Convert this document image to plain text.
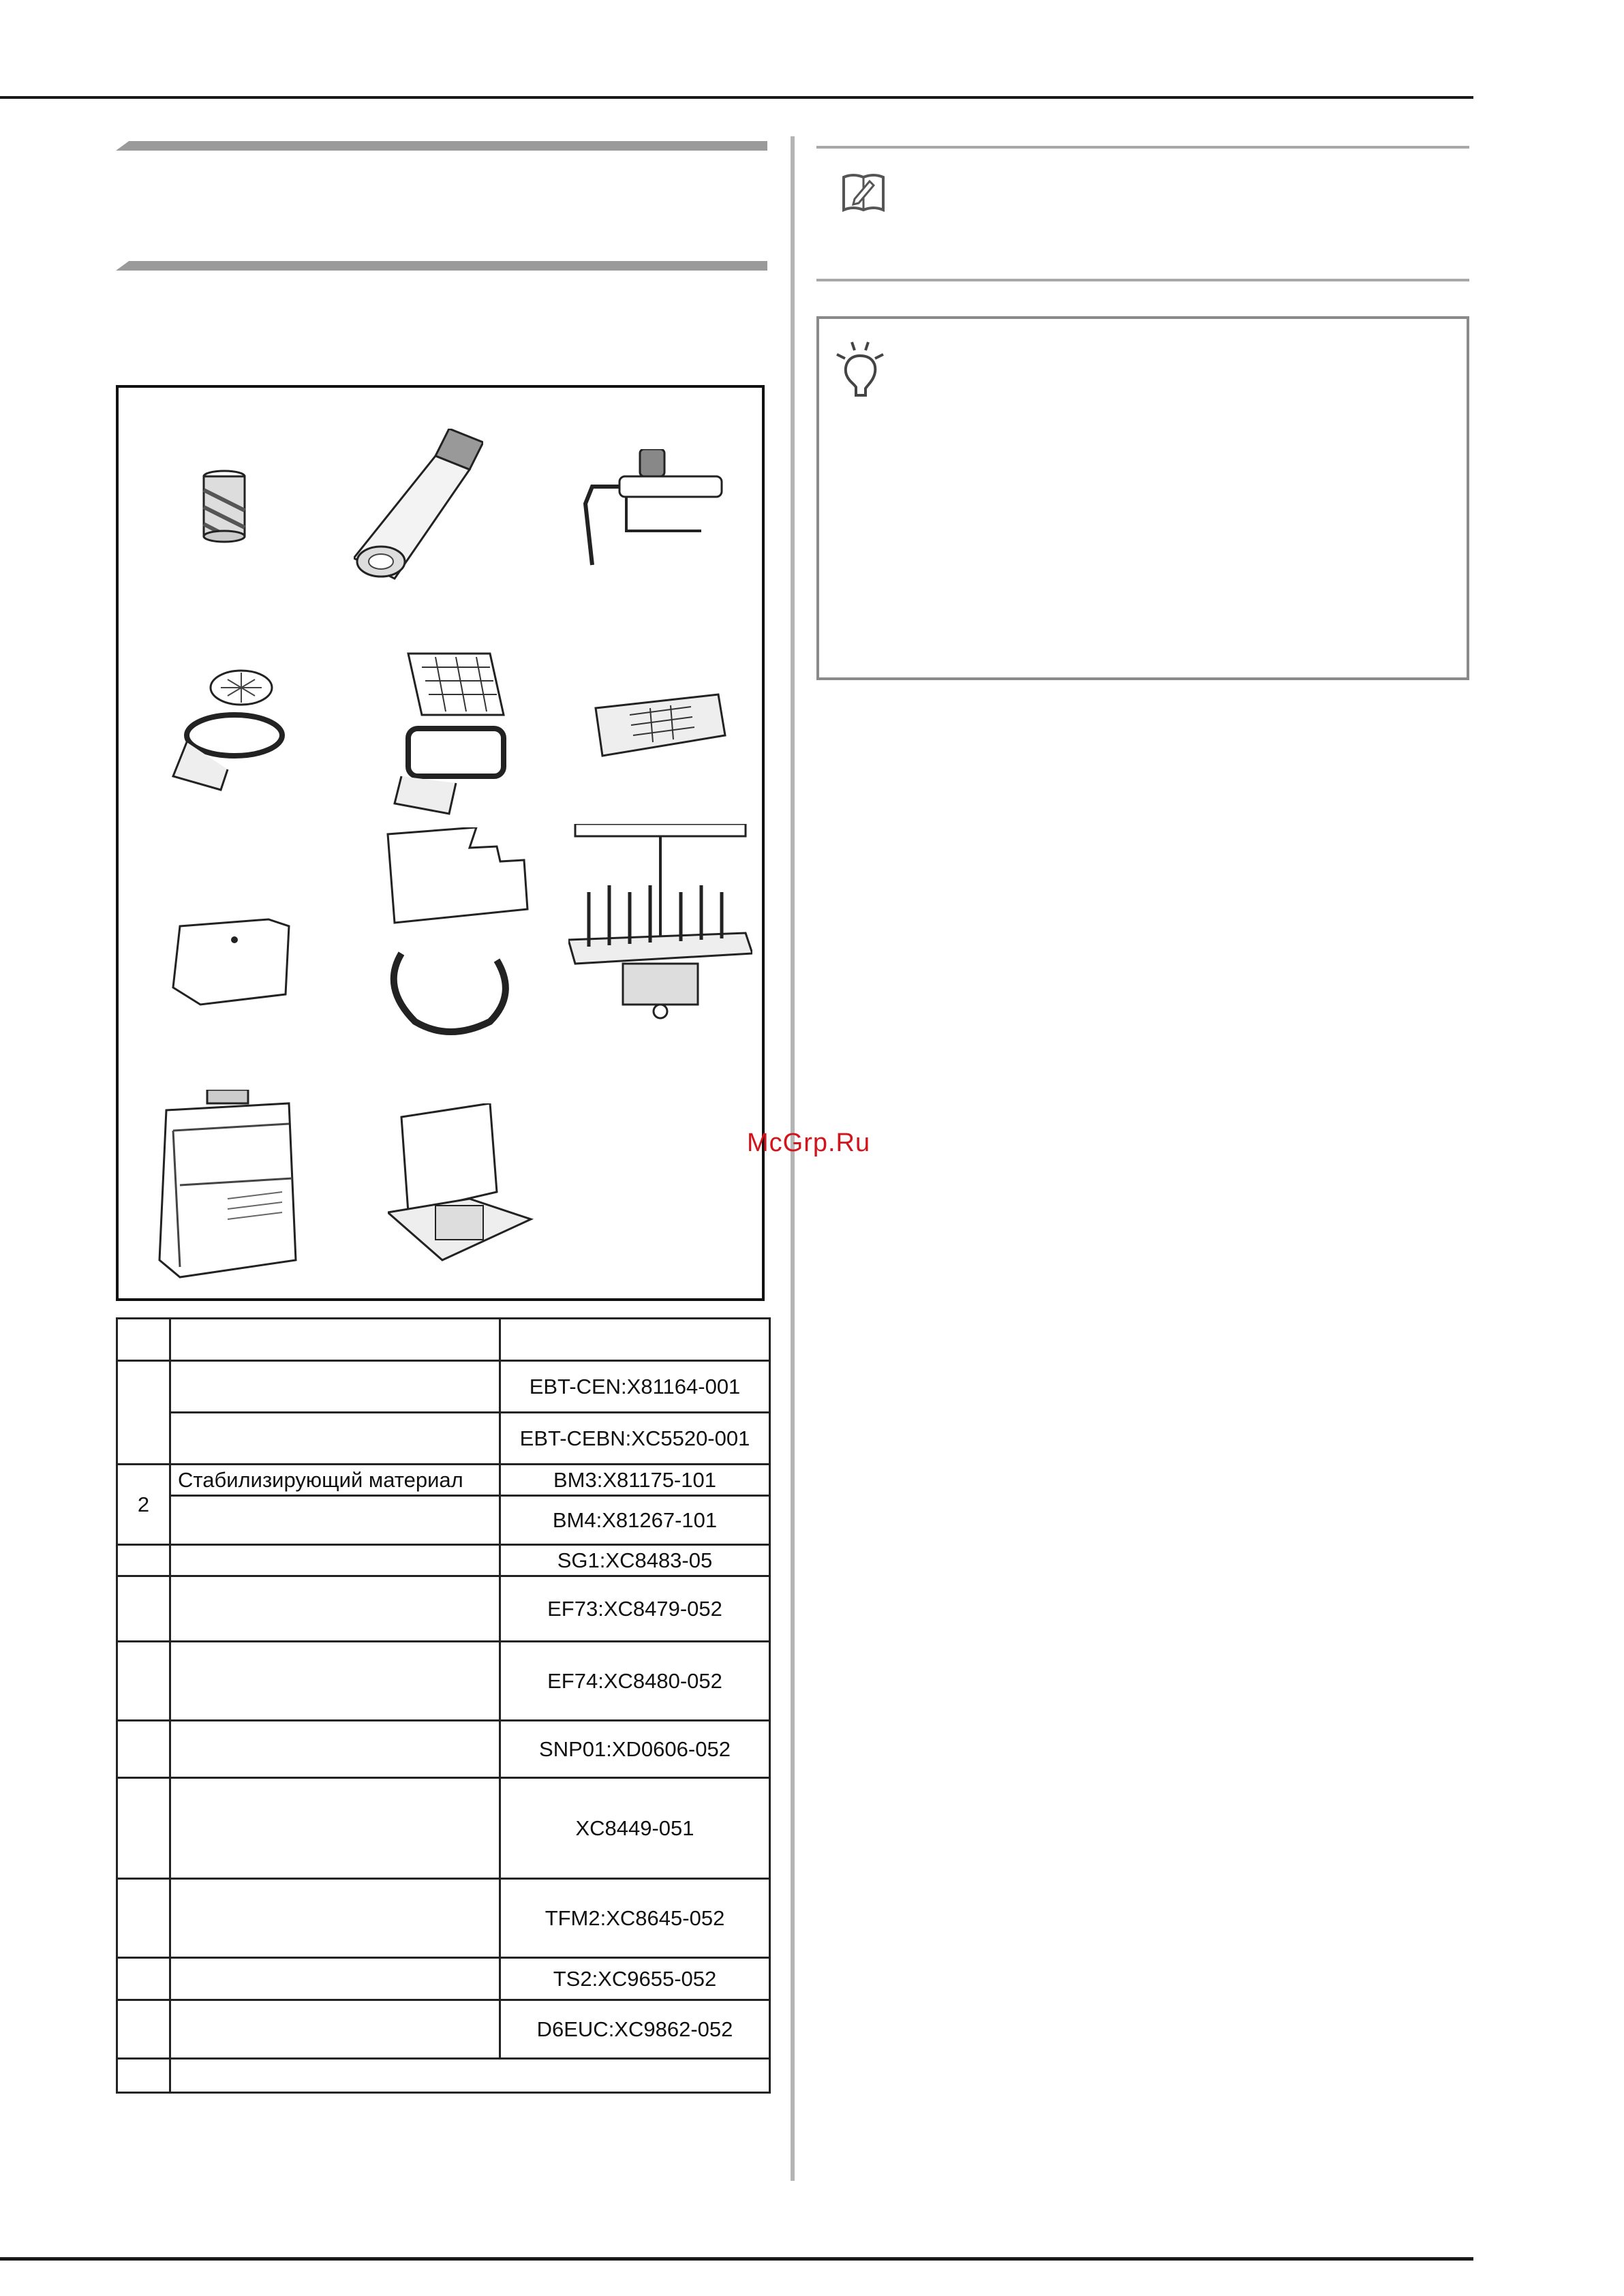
		EBT-CEN:X81164-001
		EBT-CEBN:XC5520-001
2	Стабилизирующий материал	BM3:X81175-101
		BM4:X81267-101
		SG1:XC8483-05
		EF73:XC8479-052
		EF74:XC8480-052
		SNP01:XD0606-052
		XC8449-051
		TFM2:XC8645-052
		TS2:XC9655-052
		D6EUC:XC9862-052

McGrp.Ru
